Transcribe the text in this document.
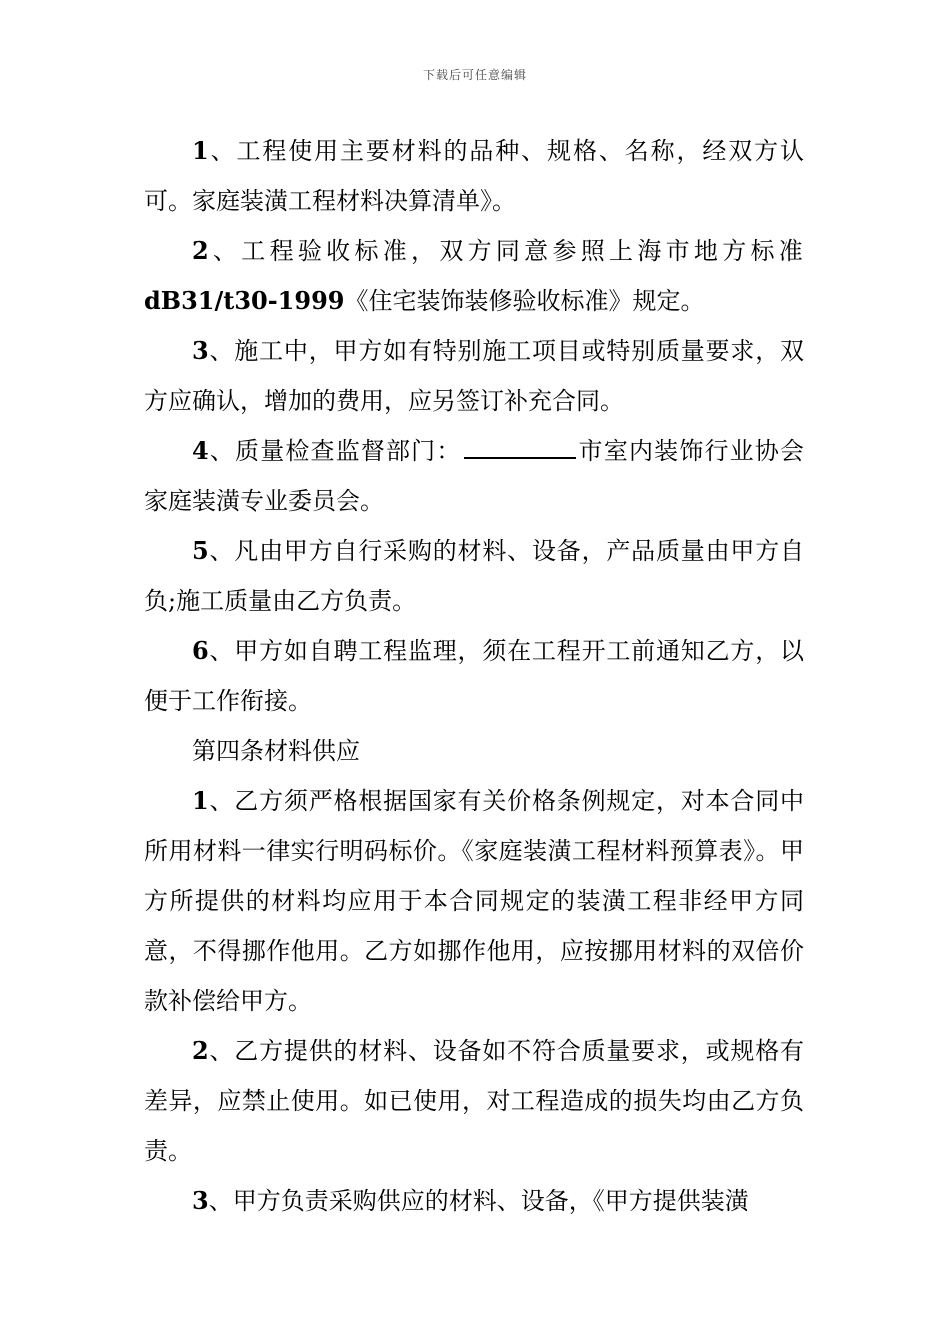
下载后可任意编辑

1、工程使用主要材料的品种、规格、名称，经双方认可。家庭装潢工程材料决算清单》。

2、工程验收标准，双方同意参照上海市地方标准dB31/t30-1999《住宅装饰装修验收标准》规定。

3、施工中，甲方如有特别施工项目或特别质量要求，双方应确认，增加的费用，应另签订补充合同。

4、质量检查监督部门：	市室内装饰行业协会家庭装潢专业委员会。

5、凡由甲方自行采购的材料、设备，产品质量由甲方自负;施工质量由乙方负责。

6、甲方如自聘工程监理，须在工程开工前通知乙方，以便于工作衔接。

第四条材料供应

1、乙方须严格根据国家有关价格条例规定，对本合同中所用材料一律实行明码标价。《家庭装潢工程材料预算表》。甲方所提供的材料均应用于本合同规定的装潢工程非经甲方同意，不得挪作他用。乙方如挪作他用，应按挪用材料的双倍价款补偿给甲方。

2、乙方提供的材料、设备如不符合质量要求，或规格有差异，应禁止使用。如已使用，对工程造成的损失均由乙方负责。

3、甲方负责采购供应的材料、设备，《甲方提供装潢
